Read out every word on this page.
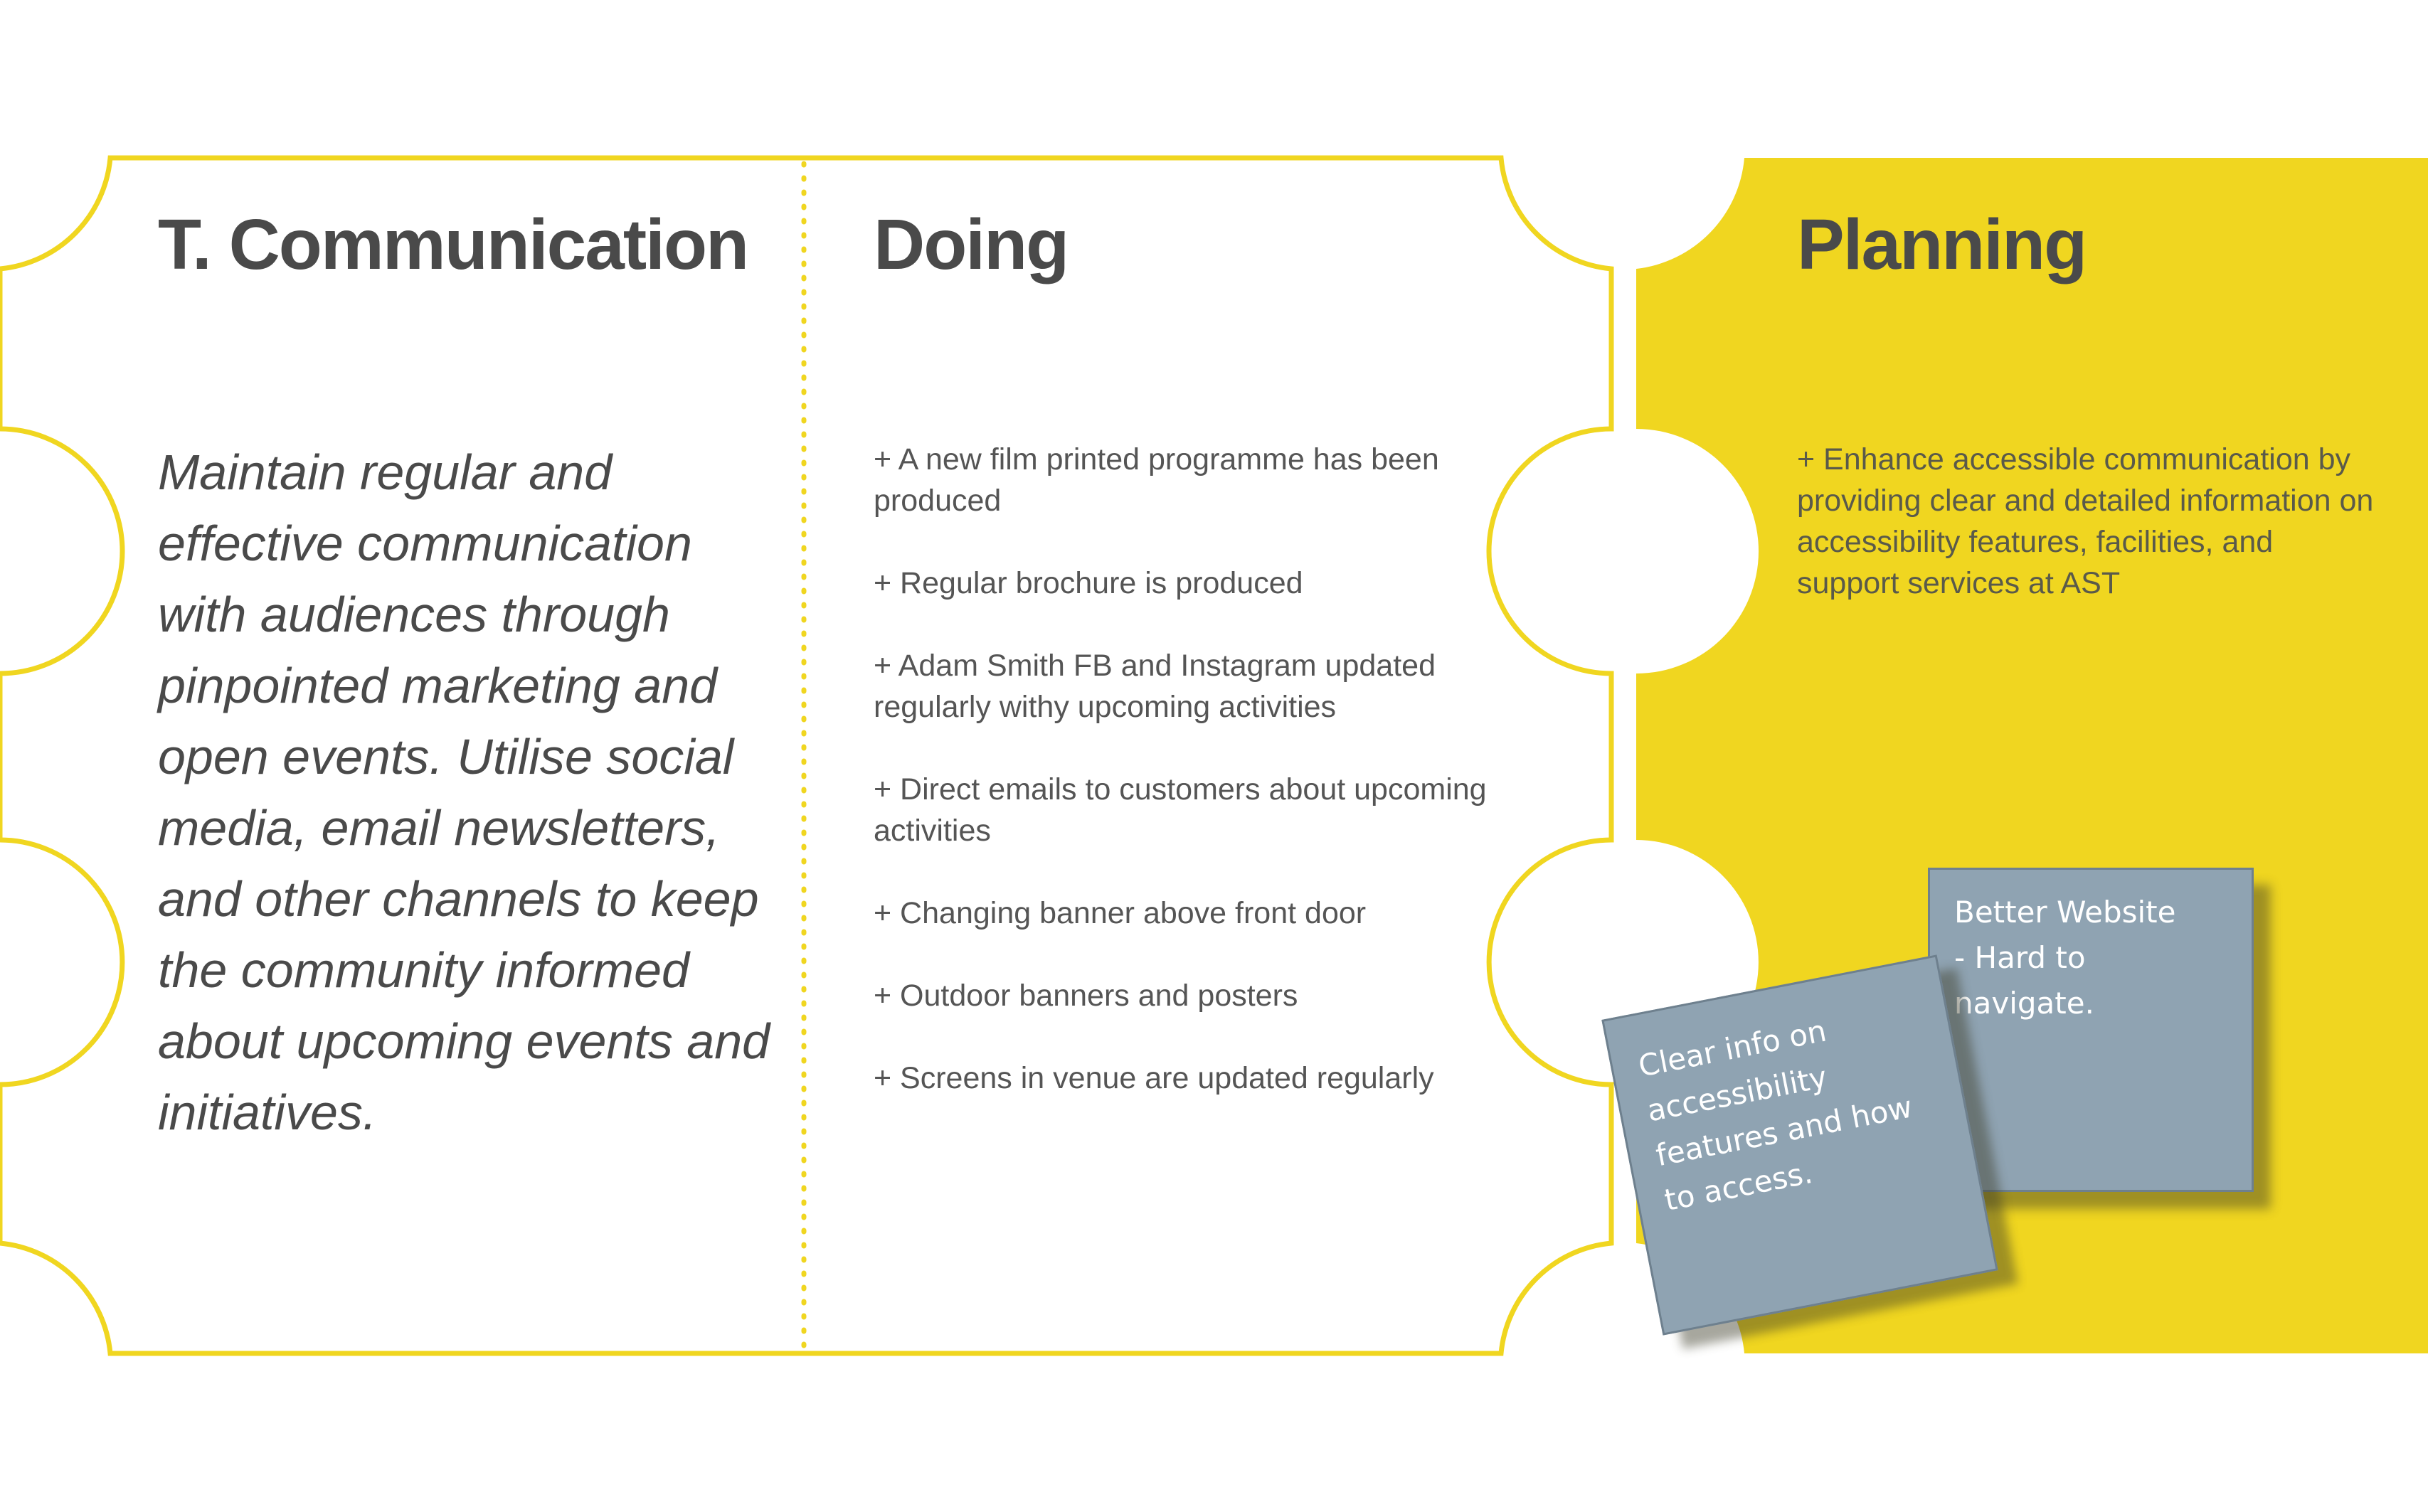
T. Communication

Maintain regular and effective communication with audiences through pinpointed marketing and open events. Utilise social media, email newsletters, and other channels to keep the community informed about upcoming events and initiatives.

Doing
+ A new film printed programme has been produced
+ Regular brochure is produced
+ Adam Smith FB and Instagram updated regularly withy upcoming activities
+ Direct emails to customers about upcoming activities
+ Changing banner above front door
+ Outdoor banners and posters
+ Screens in venue are updated regularly
Planning
+ Enhance accessible communication by providing clear and detailed information on accessibility features, facilities, and support services at AST

Better Website
- Hard to
navigate.

Clear info on
accessibility
features and how
to access.
